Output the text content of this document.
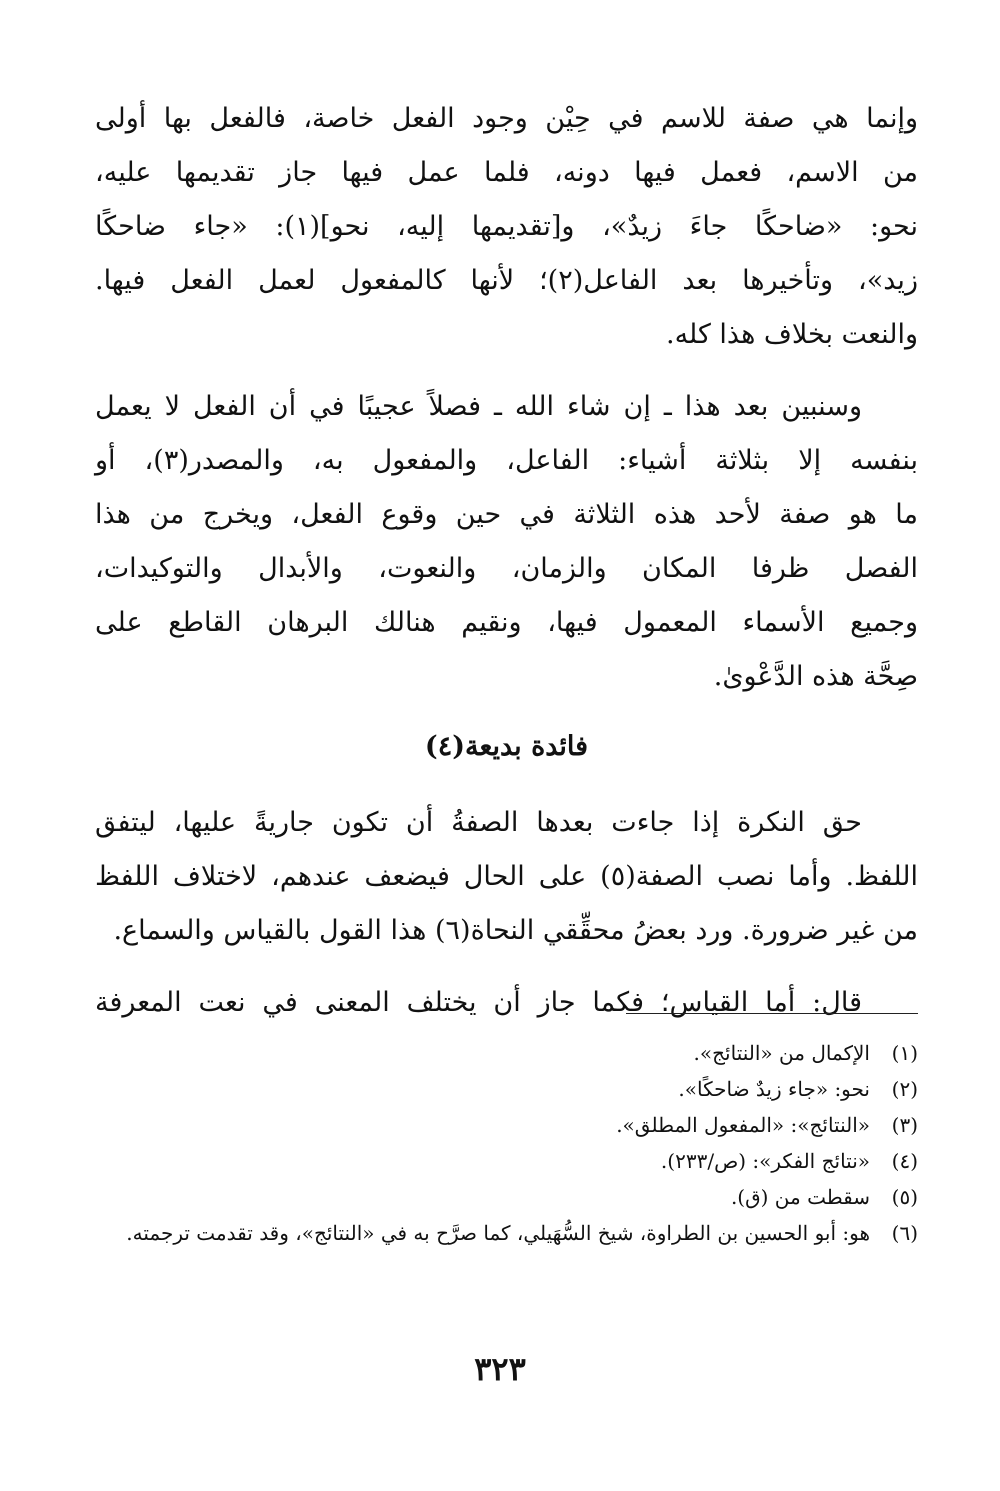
وإنما هي صفة للاسم في حِيْن وجود الفعل خاصة، فالفعل بها أولى
من الاسم، فعمل فيها دونه، فلما عمل فيها جاز تقديمها عليه،
نحو: «ضاحكًا جاءَ زيدٌ»، و[تقديمها إليه، نحو](١): «جاء ضاحكًا
زيد»، وتأخيرها بعد الفاعل(٢)؛ لأنها كالمفعول لعمل الفعل فيها.
والنعت بخلاف هذا كله.

وسنبين بعد هذا ـ إن شاء الله ـ فصلاً عجيبًا في أن الفعل لا يعمل
بنفسه إلا بثلاثة أشياء: الفاعل، والمفعول به، والمصدر(٣)، أو
ما هو صفة لأحد هذه الثلاثة في حين وقوع الفعل، ويخرج من هذا
الفصل ظرفا المكان والزمان، والنعوت، والأبدال والتوكيدات،
وجميع الأسماء المعمول فيها، ونقيم هنالك البرهان القاطع على
صِحَّة هذه الدَّعْوىٰ.

فائدة بديعة(٤)

حق النكرة إذا جاءت بعدها الصفةُ أن تكون جاريةً عليها، ليتفق
اللفظ. وأما نصب الصفة(٥) على الحال فيضعف عندهم، لاختلاف اللفظ
من غير ضرورة. ورد بعضُ محقِّقي النحاة(٦) هذا القول بالقياس والسماع.

قال: أما القياس؛ فكما جاز أن يختلف المعنى في نعت المعرفة

(١)
الإكمال من «النتائج».
(٢)
نحو: «جاء زيدٌ ضاحكًا».
(٣)
«النتائج»: «المفعول المطلق».
(٤)
«نتائج الفكر»: (ص/٢٣٣).
(٥)
سقطت من (ق).
(٦)
هو: أبو الحسين بن الطراوة، شيخ السُّهَيلي، كما صرَّح به في «النتائج»، وقد تقدمت ترجمته.
٣٢٣
